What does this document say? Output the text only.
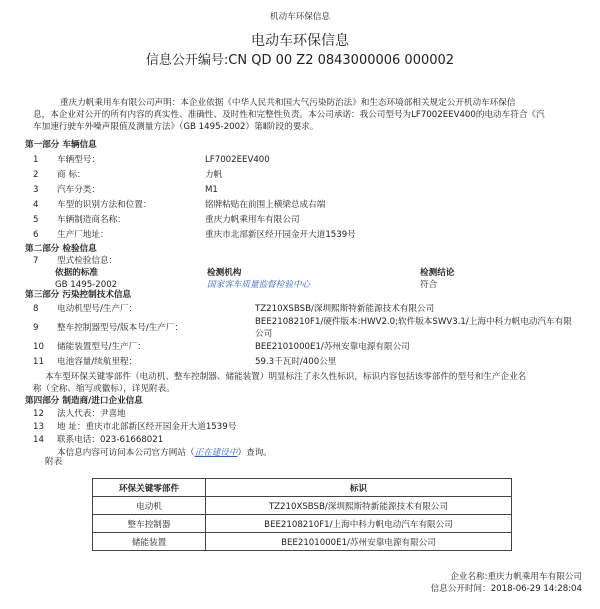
机动车环保信息
电动车环保信息
信息公开编号:CN QD 00 Z2 0843000006 000002
重庆力帆乘用车有限公司声明：本企业依据《中华人民共和国大气污染防治法》和生态环境部相关规定公开机动车环保信
息，本企业对公开的所有内容的真实性、准确性、及时性和完整性负责。本公司承诺：我公司型号为LF7002EEV400的电动车符合《汽
车加速行驶车外噪声限值及测量方法》（GB 1495-2002）第Ⅱ阶段的要求。
第一部分 车辆信息
1 车辆型号：	LF7002EEV400
2 商 标：	力帆
3 汽车分类：	M1
4 车型的识别方法和位置：	铭牌粘贴在前围上横梁总成右端
5 车辆制造商名称：	重庆力帆乘用车有限公司
6 生产厂地址：	重庆市北部新区经开园金开大道1539号
第二部分 检验信息
7 型式检验信息：
依据的标准	检测机构	检测结论
GB 1495-2002	国家客车质量监督检验中心	符合
第三部分 污染控制技术信息
8 电动机型号/生产厂：	TZ210XSBSB/深圳熙斯特新能源技术有限公司
9 整车控制器型号/版本号/生产厂：
BEE2108210F1/硬件版本:HWV2.0;软件版本SWV3.1/上海中科力帆电动汽车有限
公司
10 储能装置型号/生产厂：	BEE2101000E1/苏州安靠电源有限公司
11 电池容量/续航里程：	59.3千瓦时/400公里
本车型环保关键零部件（电动机、整车控制器、储能装置）明显标注了永久性标识，标识内容包括该零部件的型号和生产企业名
称（全称、缩写或徽标），详见附表。
第四部分 制造商/进口企业信息
12 法人代表：尹喜地
13 地 址：重庆市北部新区经开园金开大道1539号
14 联系电话：023-61668021
本信息内容可访问本公司官方网站（正在建设中）查询。
附表
环保关键零部件	标识
电动机	TZ210XSBSB/深圳熙斯特新能源技术有限公司
整车控制器	BEE2108210F1/上海中科力帆电动汽车有限公司
储能装置	BEE2101000E1/苏州安靠电源有限公司
企业名称:重庆力帆乘用车有限公司
信息公开时间：2018-06-29 14:28:04
